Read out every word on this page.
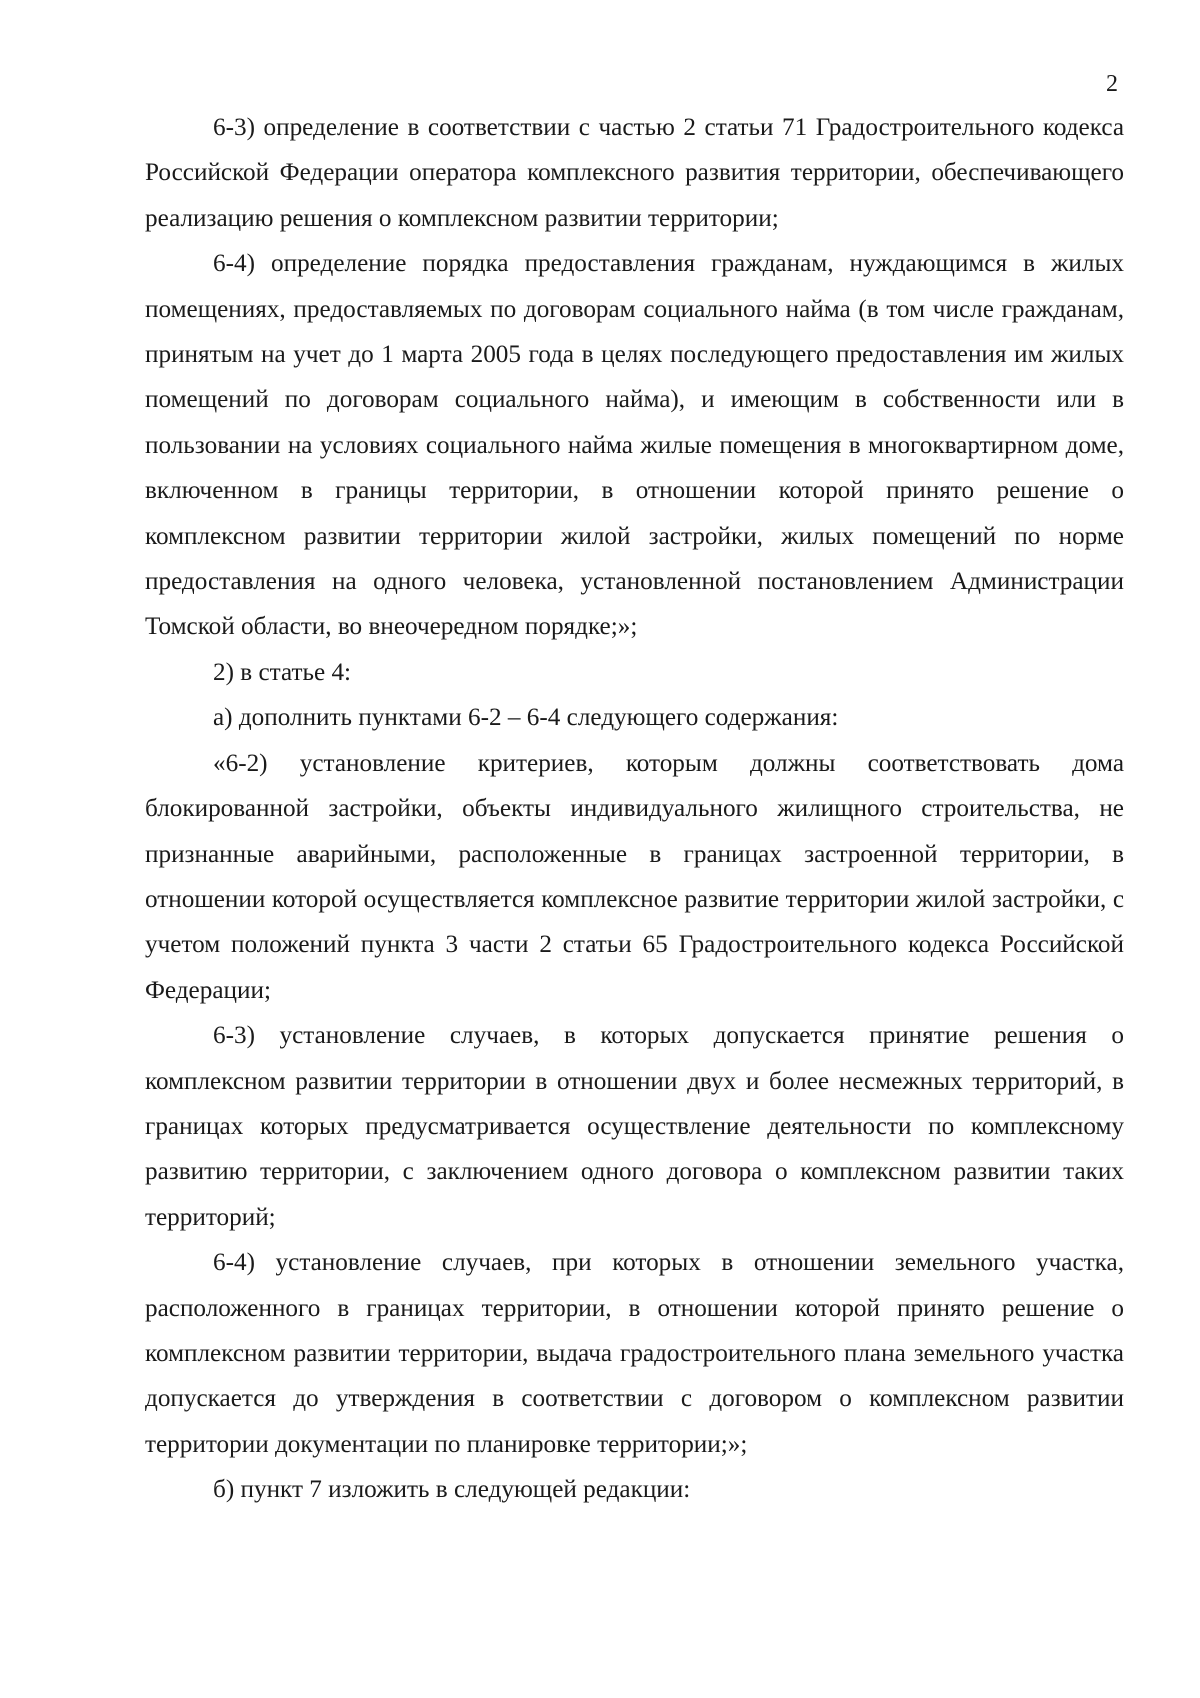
2

6-3) определение в соответствии с частью 2 статьи 71 Градостроительного кодекса Российской Федерации оператора комплексного развития территории, обеспечивающего реализацию решения о комплексном развитии территории;

6-4) определение порядка предоставления гражданам, нуждающимся в жилых помещениях, предоставляемых по договорам социального найма (в том числе гражданам, принятым на учет до 1 марта 2005 года в целях последующего предоставления им жилых помещений по договорам социального найма), и имеющим в собственности или в пользовании на условиях социального найма жилые помещения в многоквартирном доме, включенном в границы территории, в отношении которой принято решение о комплексном развитии территории жилой застройки, жилых помещений по норме предоставления на одного человека, установленной постановлением Администрации Томской области, во внеочередном порядке;»;

2) в статье 4:

а) дополнить пунктами 6-2 – 6-4 следующего содержания:

«6-2) установление критериев, которым должны соответствовать дома блокированной застройки, объекты индивидуального жилищного строительства, не признанные аварийными, расположенные в границах застроенной территории, в отношении которой осуществляется комплексное развитие территории жилой застройки, с учетом положений пункта 3 части 2 статьи 65 Градостроительного кодекса Российской Федерации;

6-3) установление случаев, в которых допускается принятие решения о комплексном развитии территории в отношении двух и более несмежных территорий, в границах которых предусматривается осуществление деятельности по комплексному развитию территории, с заключением одного договора о комплексном развитии таких территорий;

6-4) установление случаев, при которых в отношении земельного участка, расположенного в границах территории, в отношении которой принято решение о комплексном развитии территории, выдача градостроительного плана земельного участка допускается до утверждения в соответствии с договором о комплексном развитии территории документации по планировке территории;»;

б) пункт 7 изложить в следующей редакции:
